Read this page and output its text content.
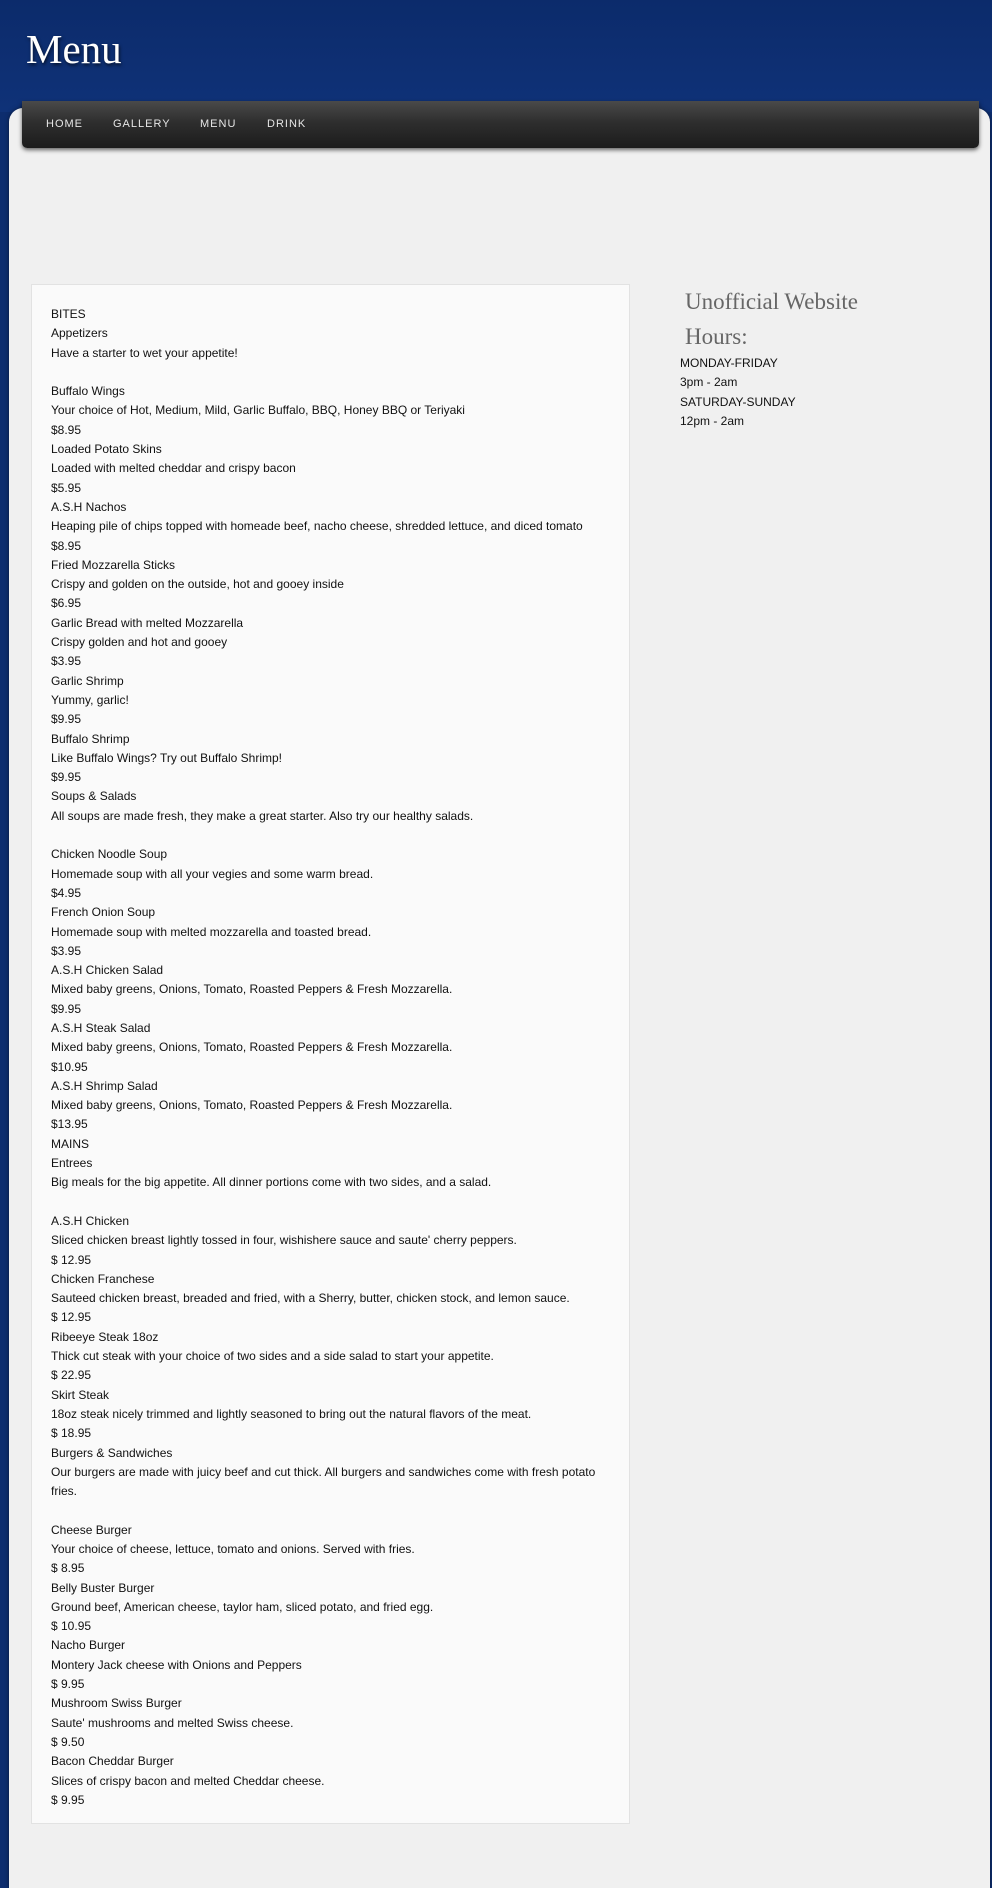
Menu
HOME	GALLERY	MENU	DRINK
BITES
Appetizers
Have a starter to wet your appetite!
Buffalo Wings
Your choice of Hot, Medium, Mild, Garlic Buffalo, BBQ, Honey BBQ or Teriyaki
$8.95
Loaded Potato Skins
Loaded with melted cheddar and crispy bacon
$5.95
A.S.H Nachos
Heaping pile of chips topped with homeade beef, nacho cheese, shredded lettuce, and diced tomato
$8.95
Fried Mozzarella Sticks
Crispy and golden on the outside, hot and gooey inside
$6.95
Garlic Bread with melted Mozzarella
Crispy golden and hot and gooey
$3.95
Garlic Shrimp
Yummy, garlic!
$9.95
Buffalo Shrimp
Like Buffalo Wings? Try out Buffalo Shrimp!
$9.95
Soups & Salads
All soups are made fresh, they make a great starter. Also try our healthy salads.
Chicken Noodle Soup
Homemade soup with all your vegies and some warm bread.
$4.95
French Onion Soup
Homemade soup with melted mozzarella and toasted bread.
$3.95
A.S.H Chicken Salad
Mixed baby greens, Onions, Tomato, Roasted Peppers & Fresh Mozzarella.
$9.95
A.S.H Steak Salad
Mixed baby greens, Onions, Tomato, Roasted Peppers & Fresh Mozzarella.
$10.95
A.S.H Shrimp Salad
Mixed baby greens, Onions, Tomato, Roasted Peppers & Fresh Mozzarella.
$13.95
MAINS
Entrees
Big meals for the big appetite. All dinner portions come with two sides, and a salad.
A.S.H Chicken
Sliced chicken breast lightly tossed in four, wishishere sauce and saute' cherry peppers.
$ 12.95
Chicken Franchese
Sauteed chicken breast, breaded and fried, with a Sherry, butter, chicken stock, and lemon sauce.
$ 12.95
Ribeeye Steak 18oz
Thick cut steak with your choice of two sides and a side salad to start your appetite.
$ 22.95
Skirt Steak
18oz steak nicely trimmed and lightly seasoned to bring out the natural flavors of the meat.
$ 18.95
Burgers & Sandwiches
Our burgers are made with juicy beef and cut thick. All burgers and sandwiches come with fresh potato fries.
Cheese Burger
Your choice of cheese, lettuce, tomato and onions. Served with fries.
$ 8.95
Belly Buster Burger
Ground beef, American cheese, taylor ham, sliced potato, and fried egg.
$ 10.95
Nacho Burger
Montery Jack cheese with Onions and Peppers
$ 9.95
Mushroom Swiss Burger
Saute' mushrooms and melted Swiss cheese.
$ 9.50
Bacon Cheddar Burger
Slices of crispy bacon and melted Cheddar cheese.
$ 9.95
Unofficial Website
Hours:
MONDAY-FRIDAY
3pm - 2am
SATURDAY-SUNDAY
12pm - 2am
